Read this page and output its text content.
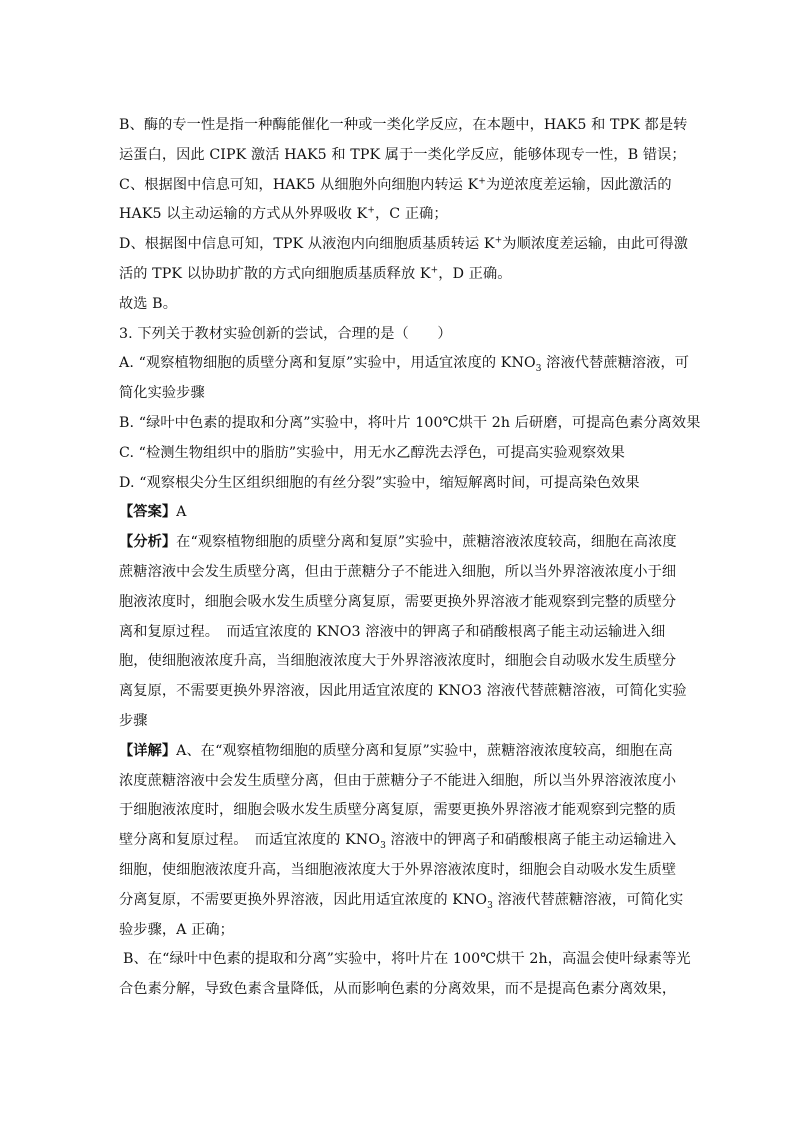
B、酶的专一性是指一种酶能催化一种或一类化学反应，在本题中，HAK5 和 TPK 都是转
运蛋白，因此 CIPK 激活 HAK5 和 TPK 属于一类化学反应，能够体现专一性，B 错误；
C、根据图中信息可知，HAK5 从细胞外向细胞内转运 K+为逆浓度差运输，因此激活的
HAK5 以主动运输的方式从外界吸收 K+，C 正确；
D、根据图中信息可知，TPK 从液泡内向细胞质基质转运 K+为顺浓度差运输，由此可得激
活的 TPK 以协助扩散的方式向细胞质基质释放 K+，D 正确。
故选 B。
3. 下列关于教材实验创新的尝试，合理的是（　　）
A. “观察植物细胞的质壁分离和复原”实验中，用适宜浓度的 $KNO_3$ 溶液代替蔗糖溶液，可
简化实验步骤
B. “绿叶中色素的提取和分离”实验中，将叶片 100℃烘干 2h 后研磨，可提高色素分离效果
C. “检测生物组织中的脂肪”实验中，用无水乙醇洗去浮色，可提高实验观察效果
D. “观察根尖分生区组织细胞的有丝分裂”实验中，缩短解离时间，可提高染色效果
【答案】A
【分析】在“观察植物细胞的质壁分离和复原”实验中，蔗糖溶液浓度较高，细胞在高浓度
蔗糖溶液中会发生质壁分离，但由于蔗糖分子不能进入细胞，所以当外界溶液浓度小于细
胞液浓度时，细胞会吸水发生质壁分离复原，需要更换外界溶液才能观察到完整的质壁分
离和复原过程。　而适宜浓度的 KNO3 溶液中的钾离子和硝酸根离子能主动运输进入细
胞，使细胞液浓度升高，当细胞液浓度大于外界溶液浓度时，细胞会自动吸水发生质壁分
离复原，不需要更换外界溶液，因此用适宜浓度的 KNO3 溶液代替蔗糖溶液，可简化实验
步骤
【详解】A、在“观察植物细胞的质壁分离和复原”实验中，蔗糖溶液浓度较高，细胞在高
浓度蔗糖溶液中会发生质壁分离，但由于蔗糖分子不能进入细胞，所以当外界溶液浓度小
于细胞液浓度时，细胞会吸水发生质壁分离复原，需要更换外界溶液才能观察到完整的质
壁分离和复原过程。　而适宜浓度的 $KNO_3$ 溶液中的钾离子和硝酸根离子能主动运输进入
细胞，使细胞液浓度升高，当细胞液浓度大于外界溶液浓度时，细胞会自动吸水发生质壁
分离复原，不需要更换外界溶液，因此用适宜浓度的 $KNO_3$ 溶液代替蔗糖溶液，可简化实
验步骤，A 正确；
B、在“绿叶中色素的提取和分离”实验中，将叶片在 100℃烘干 2h，高温会使叶绿素等光
合色素分解，导致色素含量降低，从而影响色素的分离效果，而不是提高色素分离效果，
